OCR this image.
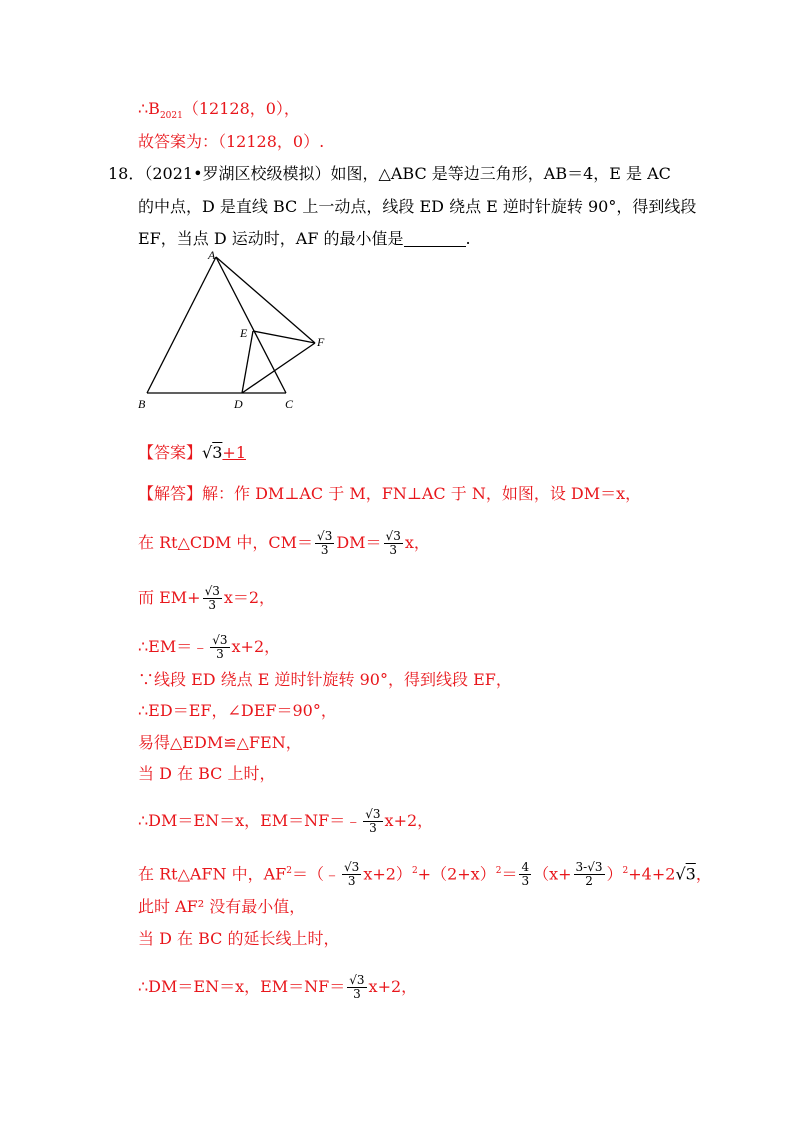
$\therefore B_{2021}(12128$，0），
故答案为：（12128，0）.
18．（2021•罗湖区校级模拟）如图，△ABC 是等边三角形，AB＝4，E 是 AC
的中点，D 是直线 BC 上一动点，线段 ED 绕点 E 逆时针旋转 90°，得到线段
EF，当点 D 运动时，AF 的最小值是	.
A
B	C
D
E
F
【答案】√3+1
【解答】解：作 DM⊥AC 于 M，FN⊥AC 于 N，如图，设 DM＝x，
在 Rt△CDM 中，$CM= \frac{√3}{3} DM= \frac{√3}{3}$ x，
而 $EM+ \frac{√3}{3} x=2$，
∴EM＝﹣ $\frac{√3}{3} x+2$，
∵线段 ED 绕点 E 逆时针旋转 90°，得到线段 EF，
∴ED＝EF，∠DEF＝90°，
易得△EDM≌△FEN，
当 D 在 BC 上时，
∴DM＝EN＝x，EM＝NF＝﹣ $\frac{√3}{3} x+2$，
在 Rt△AFN 中，$AF^2=(﹣ \frac{√3}{3} x+2)^2+(2+x)^2= \frac{4}{3} (x+ \frac{3-√3}{2} )^2+4+2√3$，
此时 AF² 没有最小值，
当 D 在 BC 的延长线上时，
∴DM＝EN＝x，$EM=NF= \frac{√3}{3} x+2$，
